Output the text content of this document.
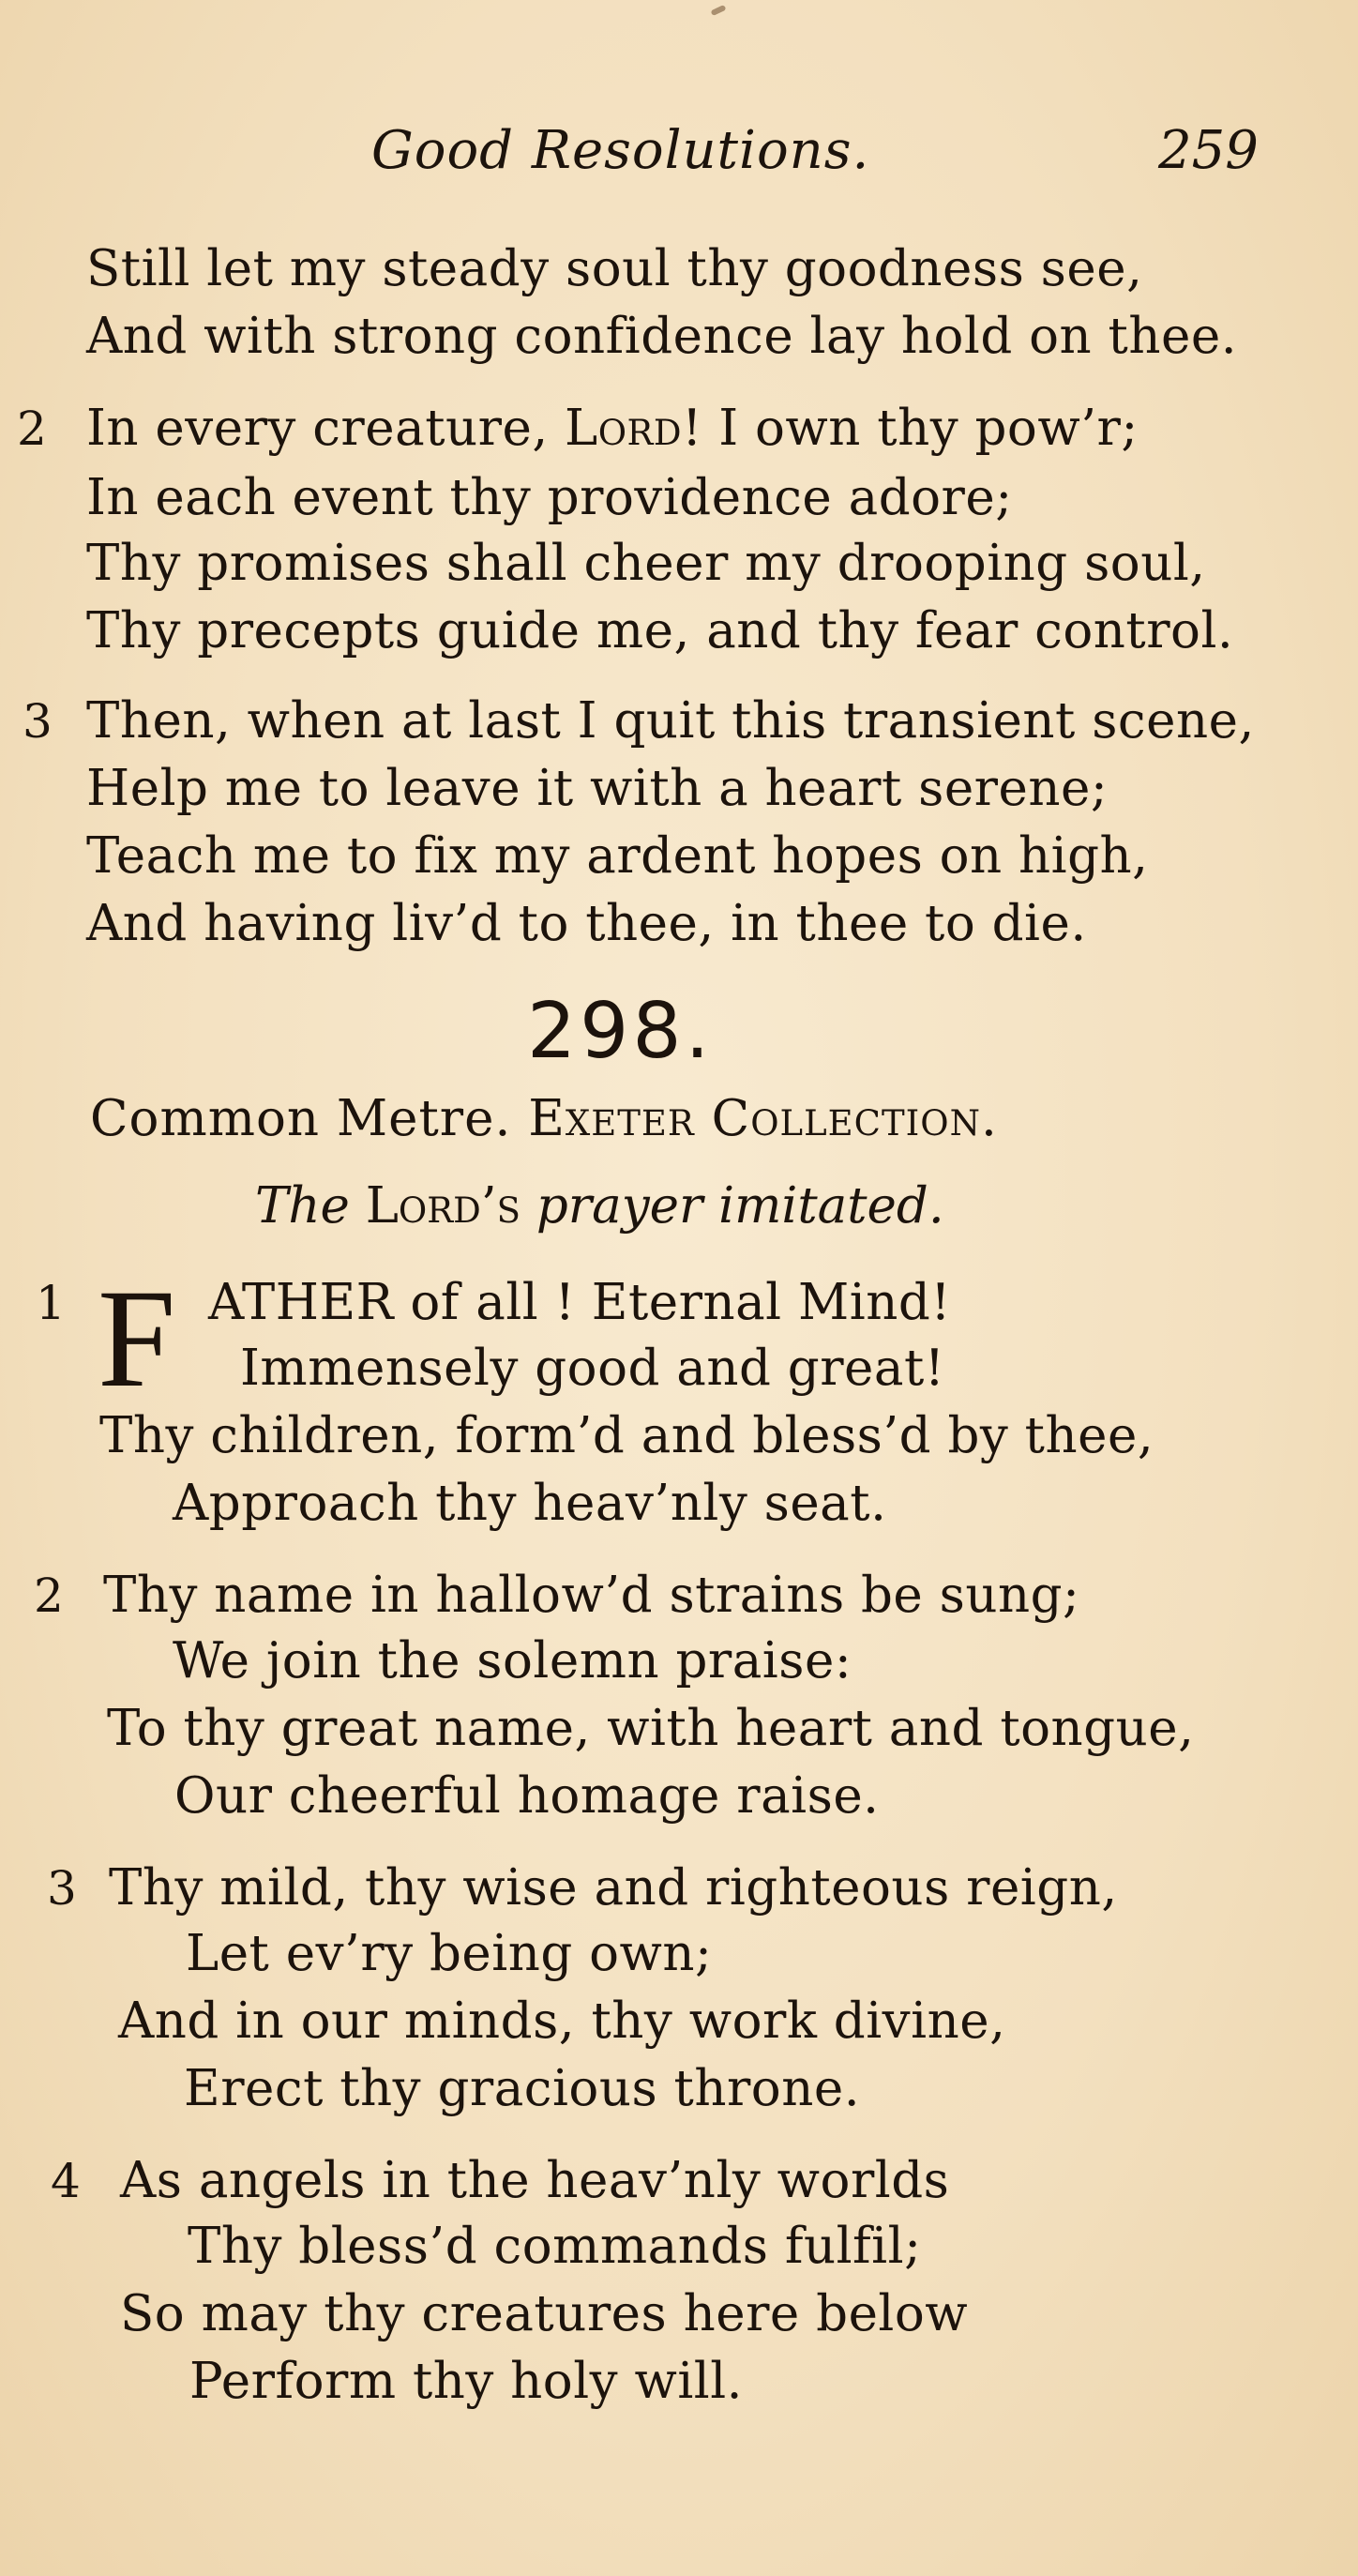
Good Resolutions.	259
Still let my steady soul thy goodness see,
And with strong confidence lay hold on thee.
2 In every creature, Lord! I own thy pow’r;
In each event thy providence adore;
Thy promises shall cheer my drooping soul,
Thy precepts guide me, and thy fear control.
3 Then, when at last I quit this transient scene,
Help me to leave it with a heart serene;
Teach me to fix my ardent hopes on high,
And having liv’d to thee, in thee to die.
298.
Common Metre. Exeter Collection.
The Lord’s prayer imitated.
1 F ATHER of all ! Eternal Mind!
Immensely good and great!
Thy children, form’d and bless’d by thee,
Approach thy heav’nly seat.
2 Thy name in hallow’d strains be sung;
We join the solemn praise:
To thy great name, with heart and tongue,
Our cheerful homage raise.
3 Thy mild, thy wise and righteous reign,
Let ev’ry being own;
And in our minds, thy work divine,
Erect thy gracious throne.
4 As angels in the heav’nly worlds
Thy bless’d commands fulfil;
So may thy creatures here below
Perform thy holy will.
